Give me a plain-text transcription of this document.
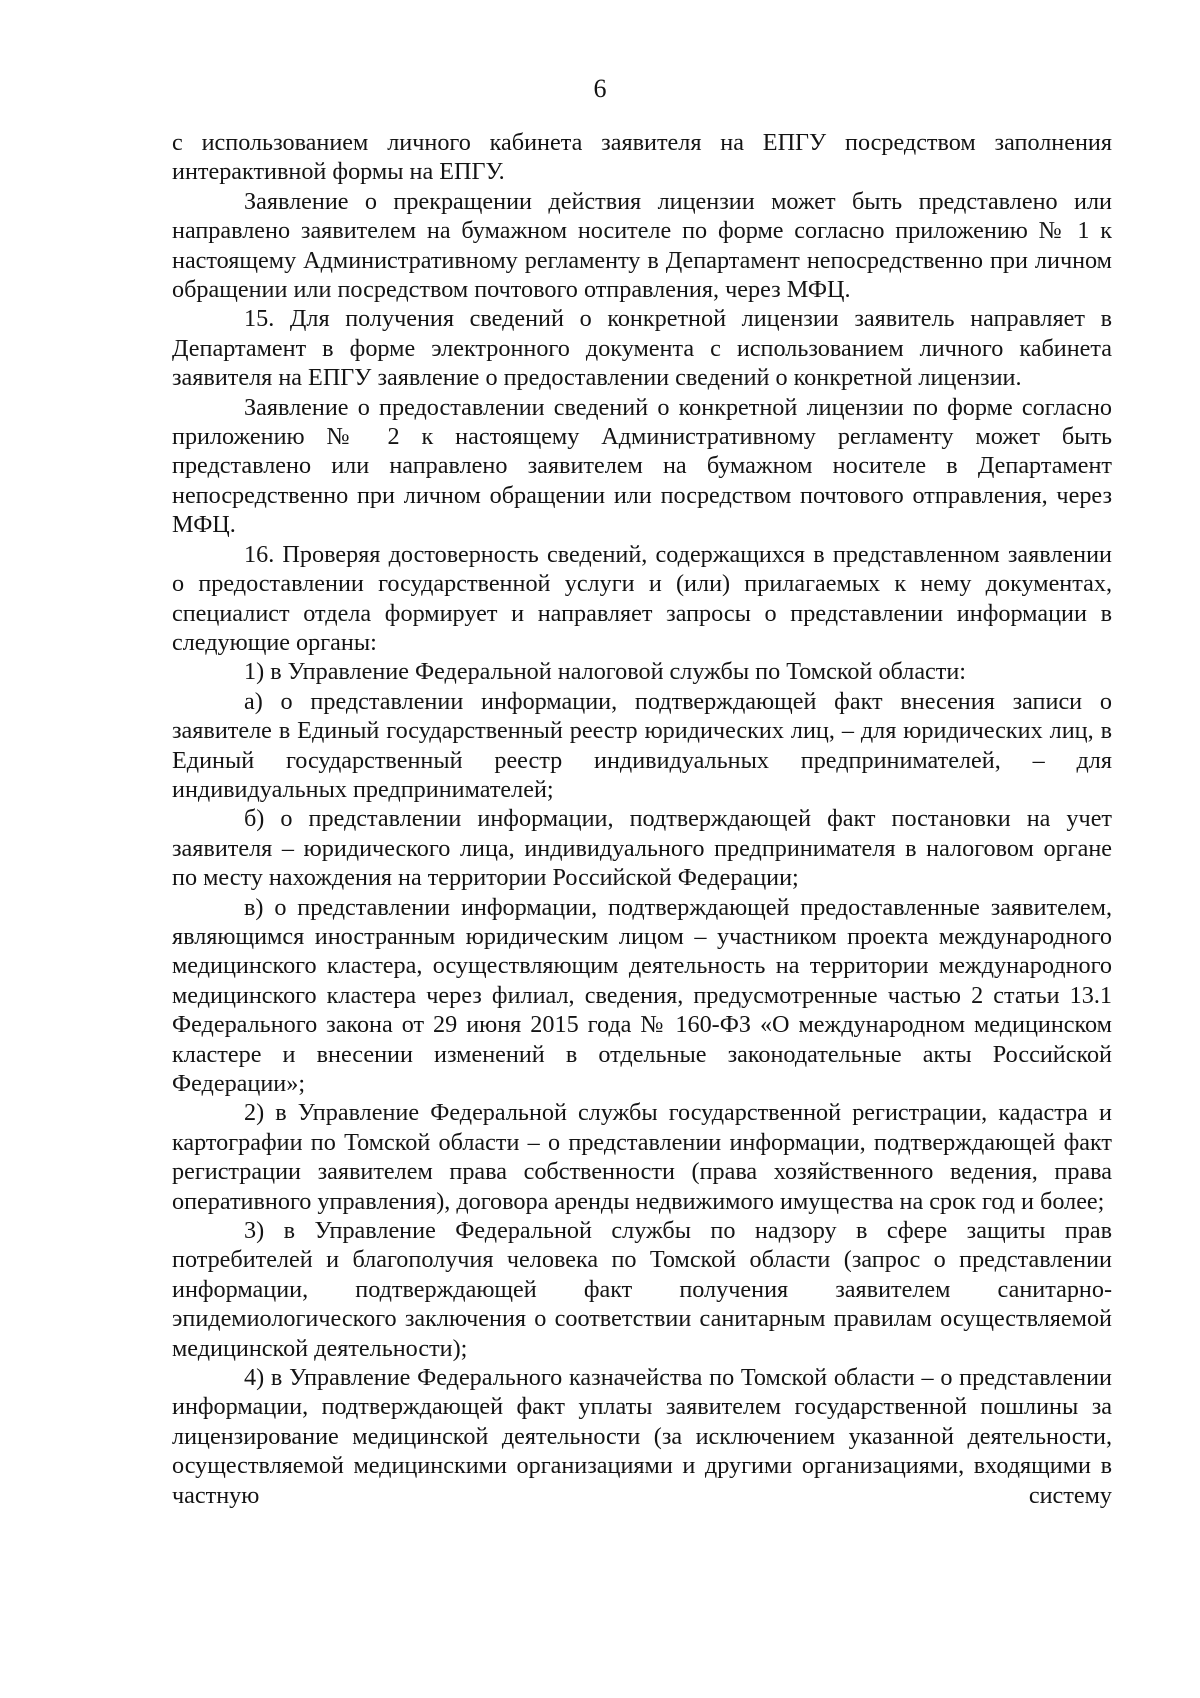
6

с использованием личного кабинета заявителя на ЕПГУ посредством заполнения интерактивной формы на ЕПГУ.

Заявление о прекращении действия лицензии может быть представлено или направлено заявителем на бумажном носителе по форме согласно приложению № 1 к настоящему Административному регламенту в Департамент непосредственно при личном обращении или посредством почтового отправления, через МФЦ.

15. Для получения сведений о конкретной лицензии заявитель направляет в Департамент в форме электронного документа с использованием личного кабинета заявителя на ЕПГУ заявление о предоставлении сведений о конкретной лицензии.

Заявление о предоставлении сведений о конкретной лицензии по форме согласно приложению № 2 к настоящему Административному регламенту может быть представлено или направлено заявителем на бумажном носителе в Департамент непосредственно при личном обращении или посредством почтового отправления, через МФЦ.

16. Проверяя достоверность сведений, содержащихся в представленном заявлении о предоставлении государственной услуги и (или) прилагаемых к нему документах, специалист отдела формирует и направляет запросы о представлении информации в следующие органы:

1) в Управление Федеральной налоговой службы по Томской области:

а) о представлении информации, подтверждающей факт внесения записи о заявителе в Единый государственный реестр юридических лиц, – для юридических лиц, в Единый государственный реестр индивидуальных предпринимателей, – для индивидуальных предпринимателей;

б) о представлении информации, подтверждающей факт постановки на учет заявителя – юридического лица, индивидуального предпринимателя в налоговом органе по месту нахождения на территории Российской Федерации;

в) о представлении информации, подтверждающей предоставленные заявителем, являющимся иностранным юридическим лицом – участником проекта международного медицинского кластера, осуществляющим деятельность на территории международного медицинского кластера через филиал, сведения, предусмотренные частью 2 статьи 13.1 Федерального закона от 29 июня 2015 года № 160-ФЗ «О международном медицинском кластере и внесении изменений в отдельные законодательные акты Российской Федерации»;

2) в Управление Федеральной службы государственной регистрации, кадастра и картографии по Томской области – о представлении информации, подтверждающей факт регистрации заявителем права собственности (права хозяйственного ведения, права оперативного управления), договора аренды недвижимого имущества на срок год и более;

3) в Управление Федеральной службы по надзору в сфере защиты прав потребителей и благополучия человека по Томской области (запрос о представлении информации, подтверждающей факт получения заявителем санитарно-эпидемиологического заключения о соответствии санитарным правилам осуществляемой медицинской деятельности);

4) в Управление Федерального казначейства по Томской области – о представлении информации, подтверждающей факт уплаты заявителем государственной пошлины за лицензирование медицинской деятельности (за исключением указанной деятельности, осуществляемой медицинскими организациями и другими организациями, входящими в частную систему
